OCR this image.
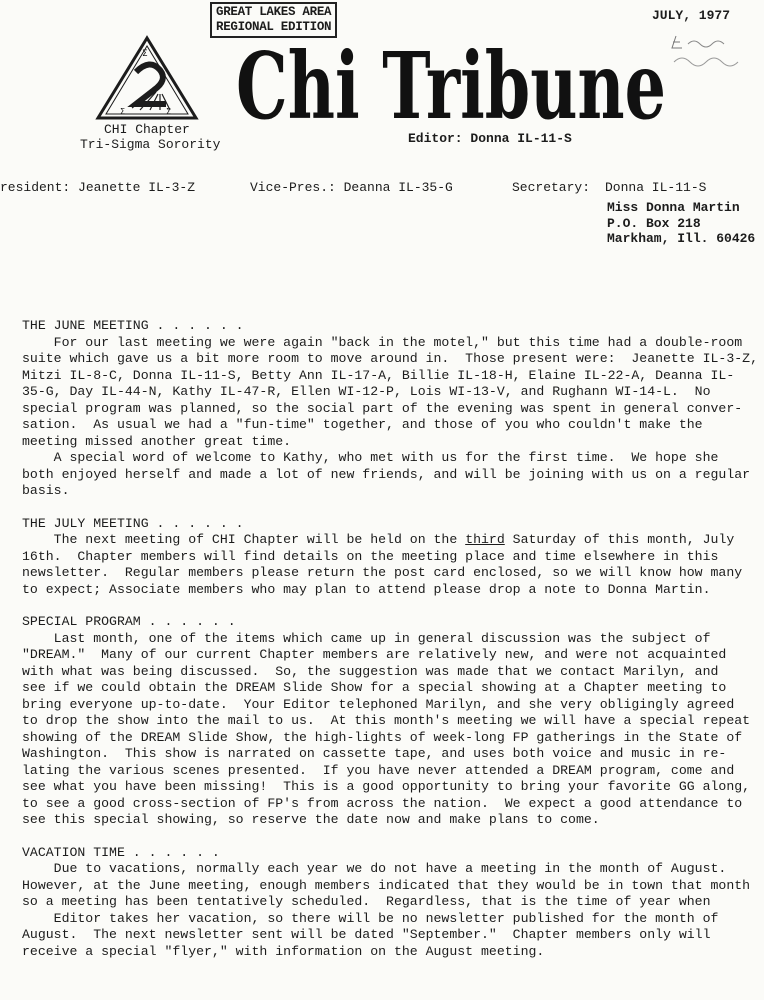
GREAT LAKES AREA
REGIONAL EDITION
JULY, 1977
Σ
Σ	Σ
CHI Chapter
Tri-Sigma Sorority
Chi Tribune
Editor: Donna IL-11-S
resident: Jeanette IL-3-Z	Vice-Pres.: Deanna IL-35-G	Secretary: Donna IL-11-S
Miss Donna Martin
P.O. Box 218
Markham, Ill. 60426
THE JUNE MEETING . . . . . .
For our last meeting we were again "back in the motel," but this time had a double-room
suite which gave us a bit more room to move around in.  Those present were:  Jeanette IL-3-Z,
Mitzi IL-8-C, Donna IL-11-S, Betty Ann IL-17-A, Billie IL-18-H, Elaine IL-22-A, Deanna IL-
35-G, Day IL-44-N, Kathy IL-47-R, Ellen WI-12-P, Lois WI-13-V, and Rughann WI-14-L.  No
special program was planned, so the social part of the evening was spent in general conver-
sation.  As usual we had a "fun-time" together, and those of you who couldn't make the
meeting missed another great time.
A special word of welcome to Kathy, who met with us for the first time.  We hope she
both enjoyed herself and made a lot of new friends, and will be joining with us on a regular
basis.
THE JULY MEETING . . . . . .
The next meeting of CHI Chapter will be held on the third Saturday of this month, July
16th.  Chapter members will find details on the meeting place and time elsewhere in this
newsletter.  Regular members please return the post card enclosed, so we will know how many
to expect; Associate members who may plan to attend please drop a note to Donna Martin.
SPECIAL PROGRAM . . . . . .
Last month, one of the items which came up in general discussion was the subject of
"DREAM."  Many of our current Chapter members are relatively new, and were not acquainted
with what was being discussed.  So, the suggestion was made that we contact Marilyn, and
see if we could obtain the DREAM Slide Show for a special showing at a Chapter meeting to
bring everyone up-to-date.  Your Editor telephoned Marilyn, and she very obligingly agreed
to drop the show into the mail to us.  At this month's meeting we will have a special repeat
showing of the DREAM Slide Show, the high-lights of week-long FP gatherings in the State of
Washington.  This show is narrated on cassette tape, and uses both voice and music in re-
lating the various scenes presented.  If you have never attended a DREAM program, come and
see what you have been missing!  This is a good opportunity to bring your favorite GG along,
to see a good cross-section of FP's from across the nation.  We expect a good attendance to
see this special showing, so reserve the date now and make plans to come.
VACATION TIME . . . . . .
Due to vacations, normally each year we do not have a meeting in the month of August.
However, at the June meeting, enough members indicated that they would be in town that month
so a meeting has been tentatively scheduled.  Regardless, that is the time of year when
Editor takes her vacation, so there will be no newsletter published for the month of
August.  The next newsletter sent will be dated "September."  Chapter members only will
receive a special "flyer," with information on the August meeting.
